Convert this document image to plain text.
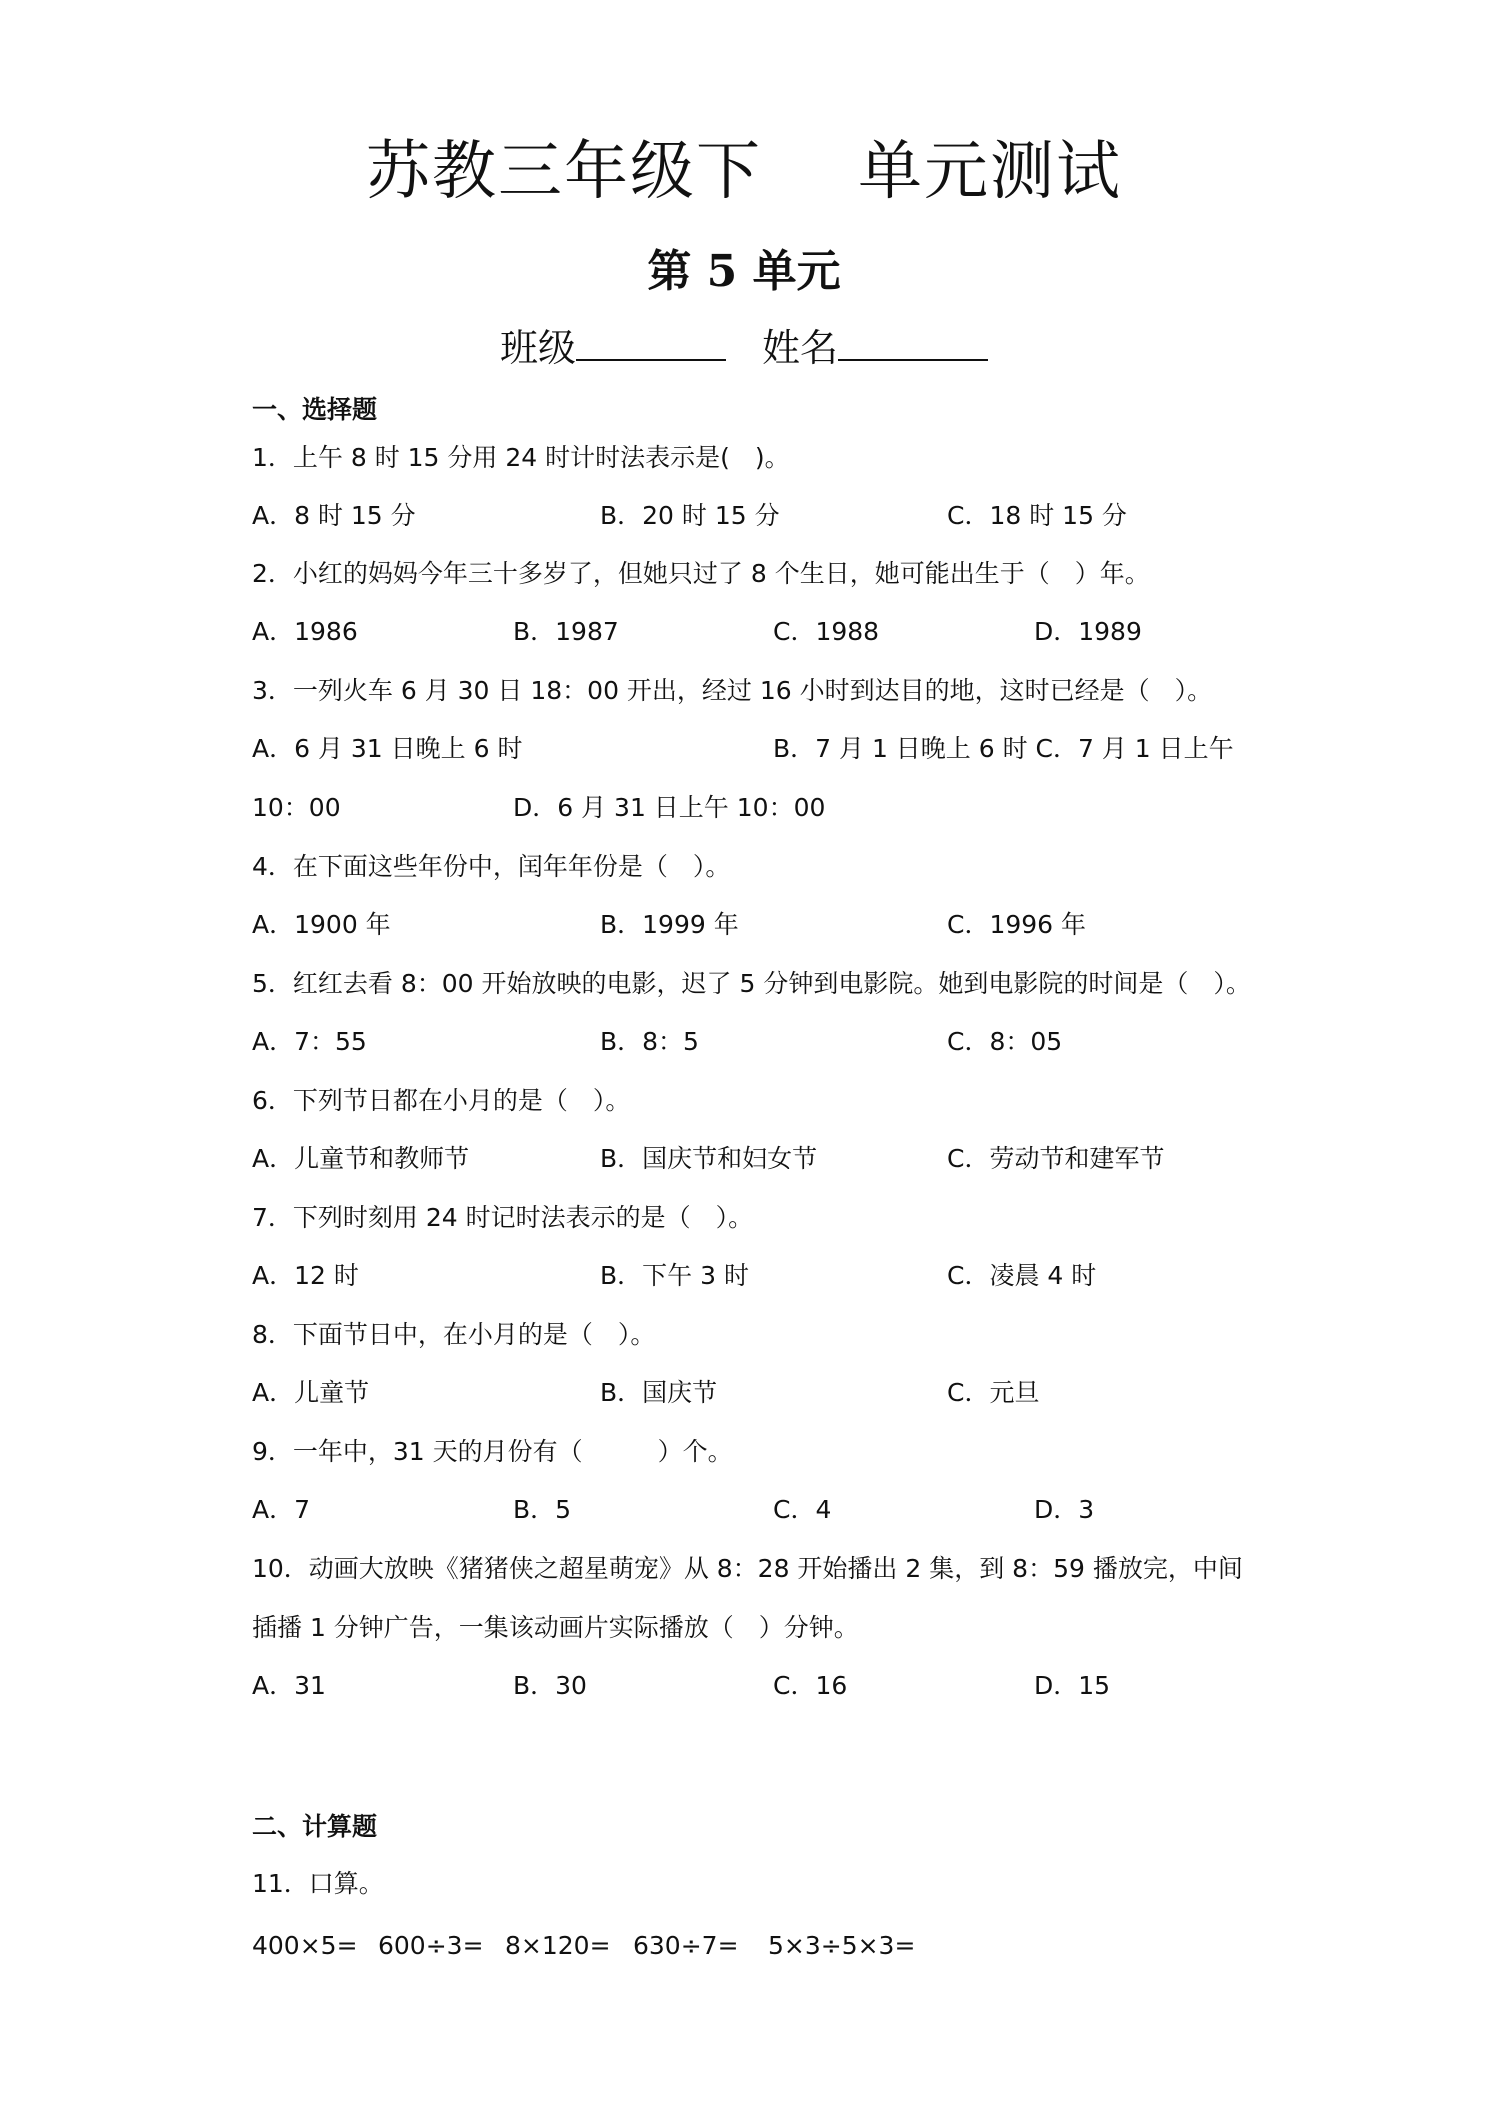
苏教三年级下 单元测试
第 5 单元
班级	姓名
一、选择题
1．上午 8 时 15 分用 24 时计时法表示是(　)。
A．8 时 15 分	B．20 时 15 分	C．18 时 15 分
2．小红的妈妈今年三十多岁了，但她只过了 8 个生日，她可能出生于（　）年。
A．1986	B．1987	C．1988	D．1989
3．一列火车 6 月 30 日 18：00 开出，经过 16 小时到达目的地，这时已经是（　）。
A．6 月 31 日晚上 6 时	B．7 月 1 日晚上 6 时 C．7 月 1 日上午
10：00	D．6 月 31 日上午 10：00
4．在下面这些年份中，闰年年份是（　）。
A．1900 年	B．1999 年	C．1996 年
5．红红去看 8：00 开始放映的电影，迟了 5 分钟到电影院。她到电影院的时间是（　）。
A．7：55	B．8：5	C．8：05
6．下列节日都在小月的是（　）。
A．儿童节和教师节	B．国庆节和妇女节	C．劳动节和建军节
7．下列时刻用 24 时记时法表示的是（　）。
A．12 时	B．下午 3 时	C．凌晨 4 时
8．下面节日中，在小月的是（　）。
A．儿童节	B．国庆节	C．元旦
9．一年中，31 天的月份有（　　　）个。
A．7	B．5	C．4	D．3
10．动画大放映《猪猪侠之超星萌宠》从 8：28 开始播出 2 集，到 8：59 播放完，中间
插播 1 分钟广告，一集该动画片实际播放（　）分钟。
A．31	B．30	C．16	D．15
二、计算题
11．口算。
400×5= 600÷3= 8×120= 630÷7= 5×3÷5×3=
